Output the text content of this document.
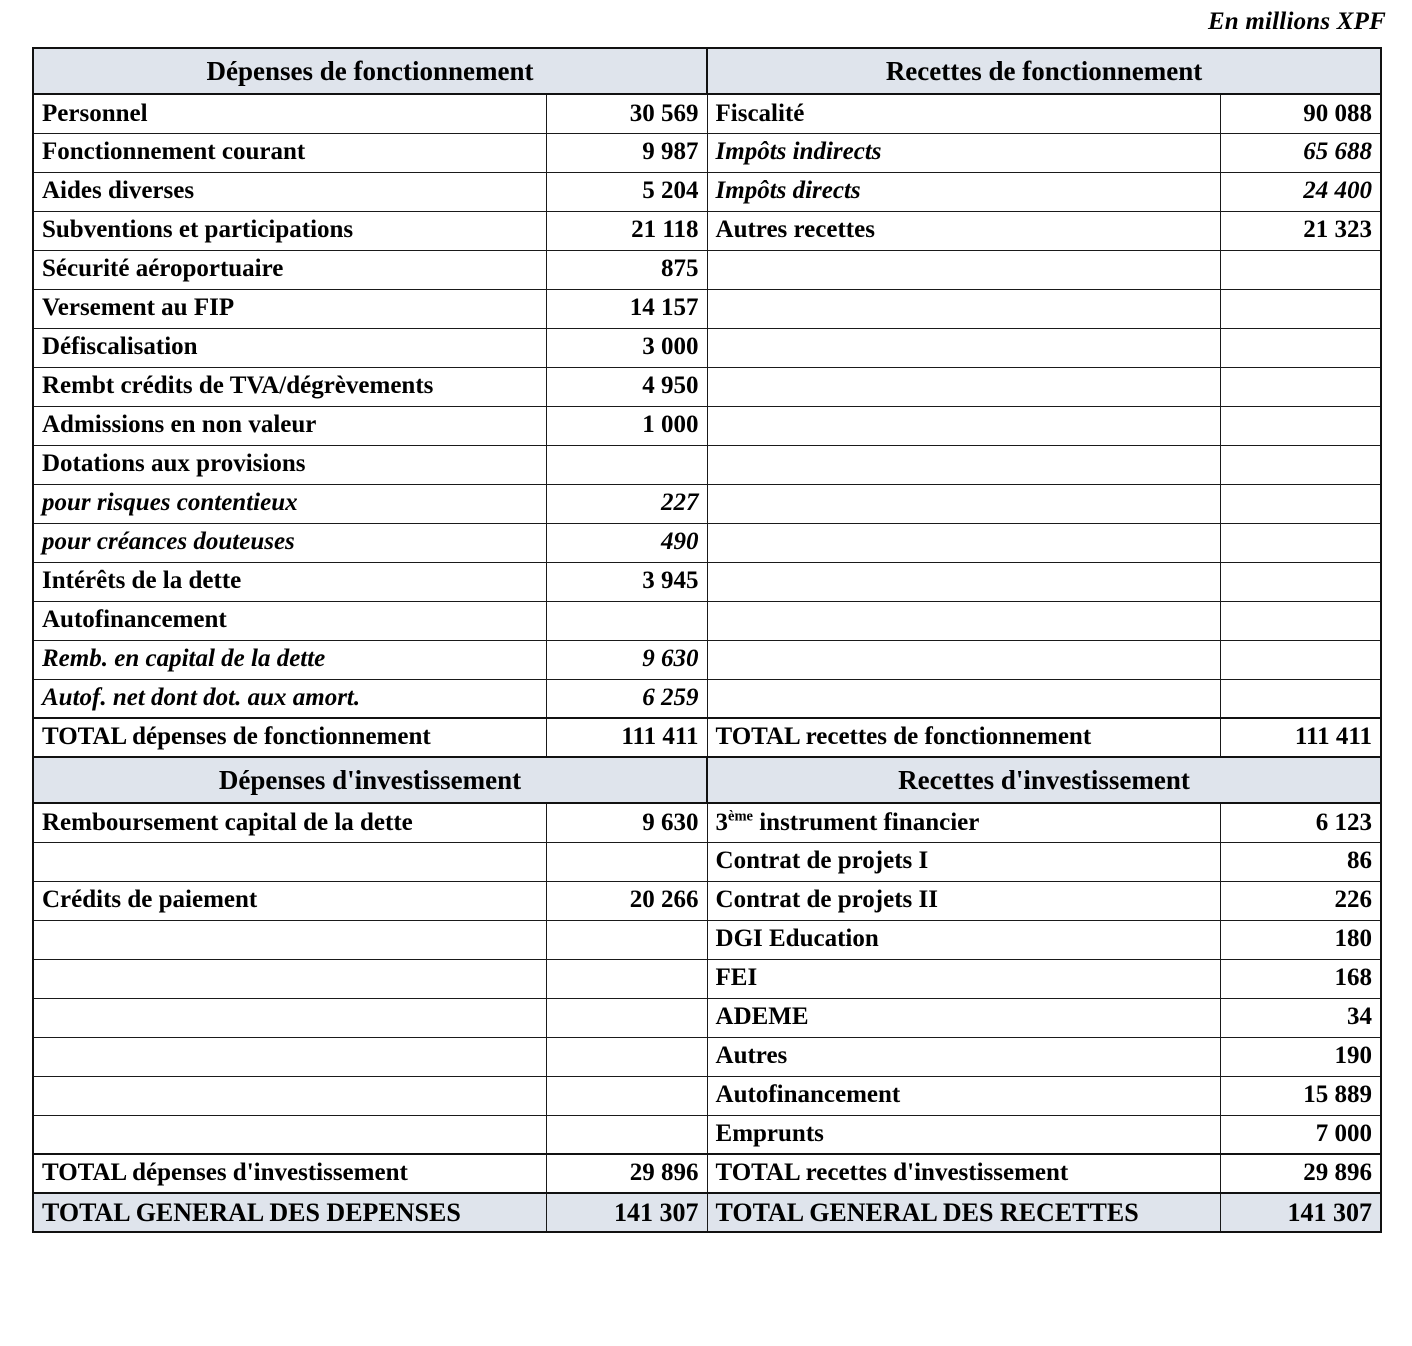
En millions XPF
Dépenses de fonctionnement		Recettes de fonctionnement	
Personnel	30 569	Fiscalité	90 088
Fonctionnement courant	9 987	Impôts indirects	65 688
Aides diverses	5 204	Impôts directs	24 400
Subventions et participations	21 118	Autres recettes	21 323
Sécurité aéroportuaire	875		
Versement au FIP	14 157		
Défiscalisation	3 000		
Rembt crédits de TVA/dégrèvements	4 950		
Admissions en non valeur	1 000		
Dotations aux provisions			
pour risques contentieux	227		
pour créances douteuses	490		
Intérêts de la dette	3 945		
Autofinancement			
Remb. en capital de la dette	9 630		
Autof. net dont dot. aux amort.	6 259		
TOTAL dépenses de fonctionnement	111 411	TOTAL recettes de fonctionnement	111 411
Dépenses d'investissement		Recettes d'investissement	
Remboursement capital de la dette	9 630	3ème instrument financier	6 123
		Contrat de projets I	86
Crédits de paiement	20 266	Contrat de projets II	226
		DGI Education	180
		FEI	168
		ADEME	34
		Autres	190
		Autofinancement	15 889
		Emprunts	7 000
TOTAL dépenses d'investissement	29 896	TOTAL recettes d'investissement	29 896
TOTAL GENERAL DES DEPENSES	141 307	TOTAL GENERAL DES RECETTES	141 307
